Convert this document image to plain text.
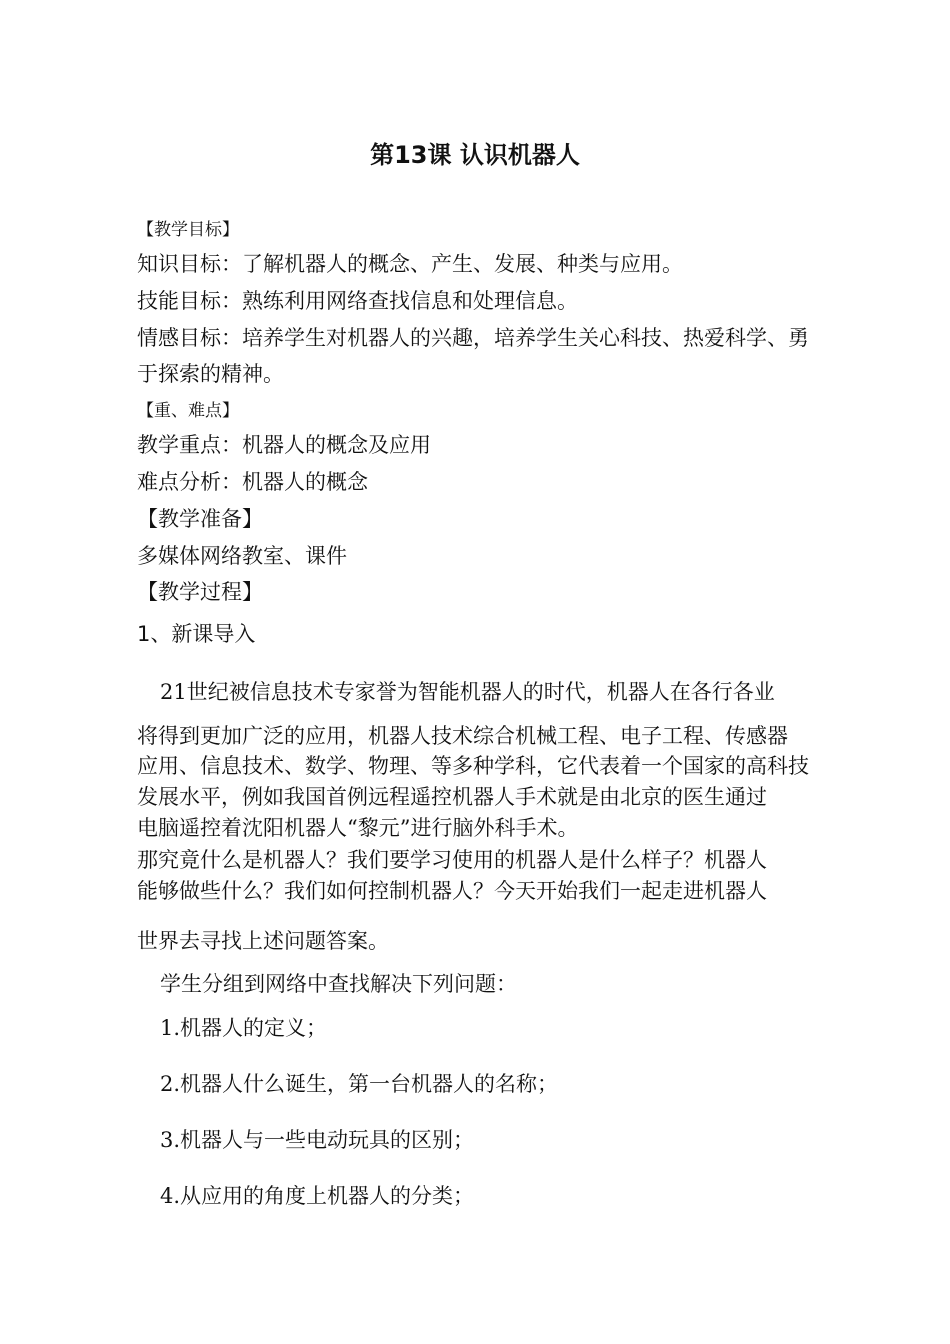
第13课 认识机器人
【教学目标】
知识目标：了解机器人的概念、产生、发展、种类与应用。
技能目标：熟练利用网络查找信息和处理信息。
情感目标：培养学生对机器人的兴趣，培养学生关心科技、热爱科学、勇
于探索的精神。
【重、难点】
教学重点：机器人的概念及应用
难点分析：机器人的概念
【教学准备】
多媒体网络教室、课件
【教学过程】
1、新课导入
21世纪被信息技术专家誉为智能机器人的时代，机器人在各行各业
将得到更加广泛的应用，机器人技术综合机械工程、电子工程、传感器
应用、信息技术、数学、物理、等多种学科，它代表着一个国家的高科技
发展水平，例如我国首例远程遥控机器人手术就是由北京的医生通过
电脑遥控着沈阳机器人“黎元”进行脑外科手术。
那究竟什么是机器人？我们要学习使用的机器人是什么样子？机器人
能够做些什么？我们如何控制机器人？今天开始我们一起走进机器人
世界去寻找上述问题答案。
学生分组到网络中查找解决下列问题：
1.机器人的定义；
2.机器人什么诞生，第一台机器人的名称；
3.机器人与一些电动玩具的区别；
4.从应用的角度上机器人的分类；
